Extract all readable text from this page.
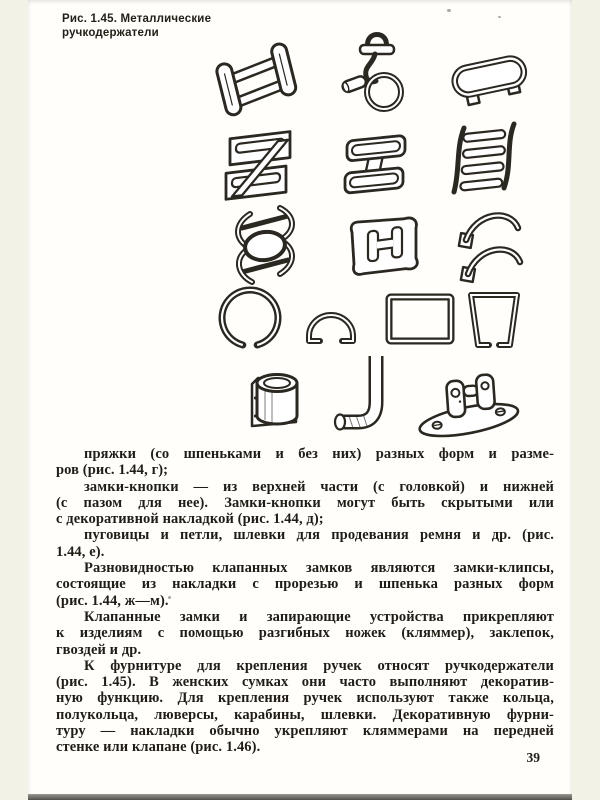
Рис. 1.45. Металлические
ручкодержатели
пряжки (со шпеньками и без них) разных форм и разме-
ров (рис. 1.44, г);
замки-кнопки — из верхней части (с головкой) и нижней
(с пазом для нее). Замки-кнопки могут быть скрытыми или
с декоративной накладкой (рис. 1.44, д);
пуговицы и петли, шлевки для продевания ремня и др. (рис.
1.44, е).
Разновидностью клапанных замков являются замки-клипсы,
состоящие из накладки с прорезью и шпенька разных форм
(рис. 1.44, ж—м).
Клапанные замки и запирающие устройства прикрепляют
к изделиям с помощью разгибных ножек (кляммер), заклепок,
гвоздей и др.
К фурнитуре для крепления ручек относят ручкодержатели
(рис. 1.45). В женских сумках они часто выполняют декоратив-
ную функцию. Для крепления ручек используют также кольца,
полукольца, люверсы, карабины, шлевки. Декоративную фурни-
туру — накладки обычно укрепляют кляммерами на передней
стенке или клапане (рис. 1.46).
39
